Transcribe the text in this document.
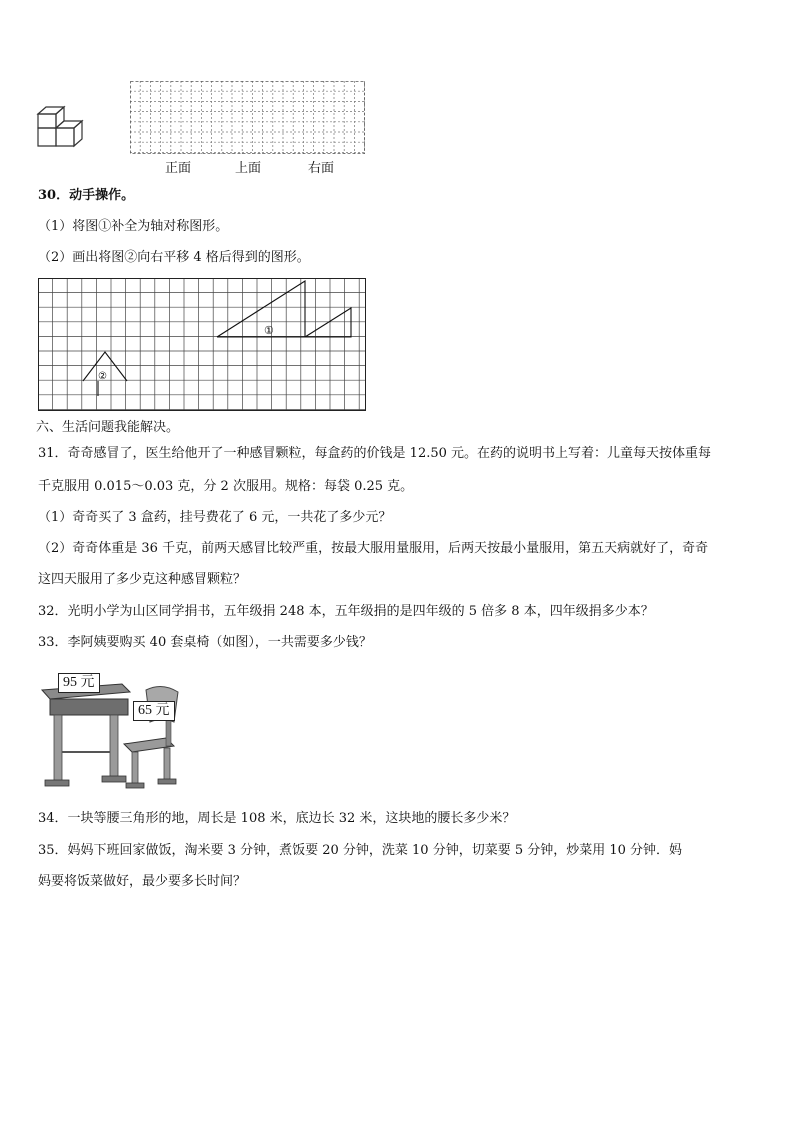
正面	上面	右面
30．动手操作。
（1）将图①补全为轴对称图形。
（2）画出将图②向右平移 4 格后得到的图形。
①
②
六、生活问题我能解决。
31．奇奇感冒了，医生给他开了一种感冒颗粒，每盒药的价钱是 12.50 元。在药的说明书上写着：儿童每天按体重每
千克服用 0.015～0.03 克，分 2 次服用。规格：每袋 0.25 克。
（1）奇奇买了 3 盒药，挂号费花了 6 元，一共花了多少元？
（2）奇奇体重是 36 千克，前两天感冒比较严重，按最大服用量服用，后两天按最小量服用，第五天病就好了，奇奇
这四天服用了多少克这种感冒颗粒？
32．光明小学为山区同学捐书，五年级捐 248 本，五年级捐的是四年级的 5 倍多 8 本，四年级捐多少本？
33．李阿姨要购买 40 套桌椅（如图），一共需要多少钱？
95 元
65 元
34．一块等腰三角形的地，周长是 108 米，底边长 32 米，这块地的腰长多少米？
35．妈妈下班回家做饭，淘米要 3 分钟，煮饭要 20 分钟，洗菜 10 分钟，切菜要 5 分钟，炒菜用 10 分钟．妈
妈要将饭菜做好，最少要多长时间？
